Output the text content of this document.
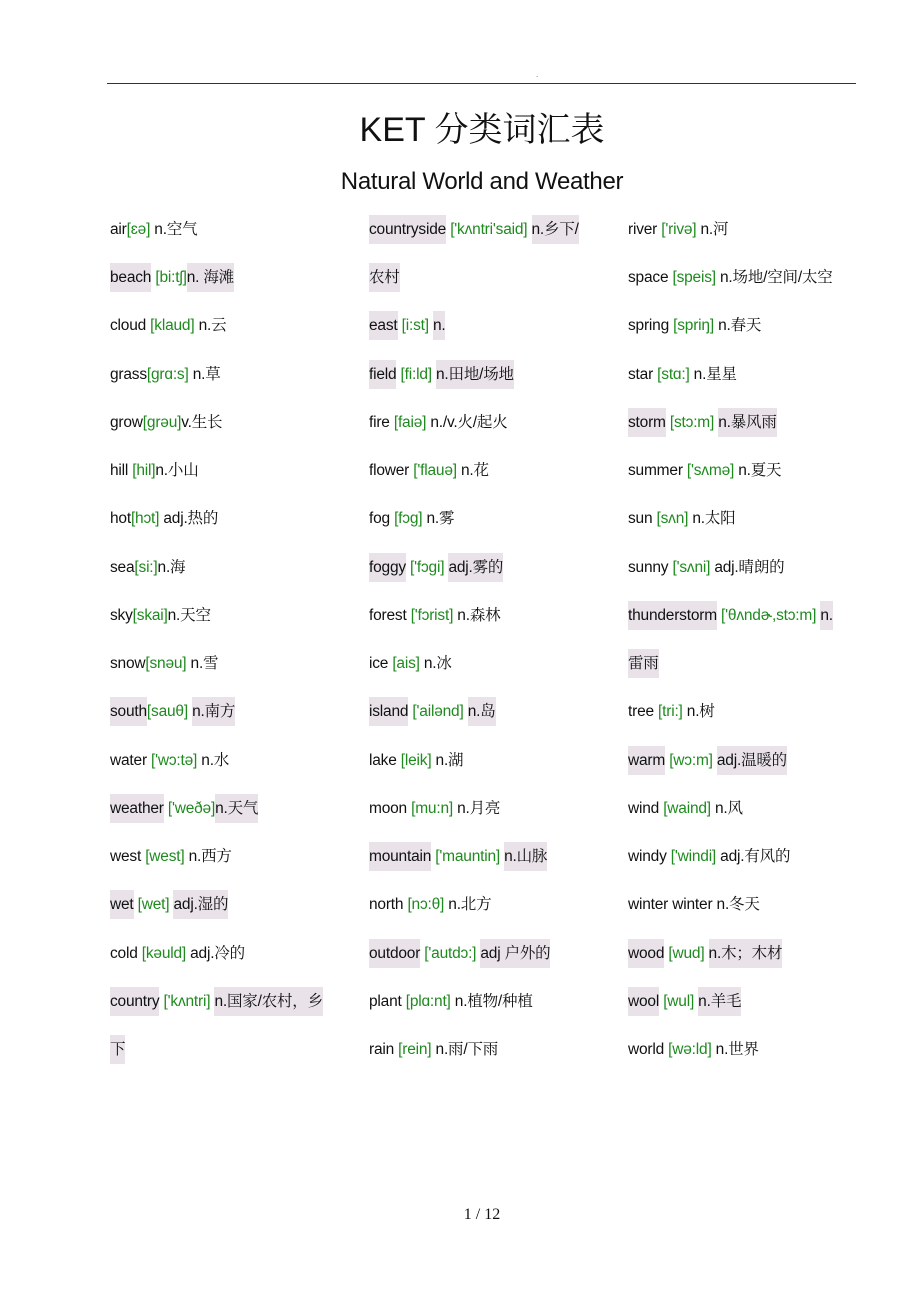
.
KET 分类词汇表
Natural World and Weather
air[ɛə] n.空气
beach [bi:tʃ]n. 海滩
cloud [klaud] n.云
grass[grɑ:s] n.草
grow[grəu]v.生长
hill [hil]n.小山
hot[hɔt] adj.热的
sea[si:]n.海
sky[skai]n.天空
snow[snəu] n.雪
south[sauθ] n.南方
water ['wɔ:tə] n.水
weather ['weðə]n.天气
west [west] n.西方
wet [wet] adj.湿的
cold [kəuld] adj.冷的
country ['kʌntri] n.国家/农村，乡
下
countryside ['kʌntri'said] n.乡下/
农村
east [i:st] n.
field [fi:ld] n.田地/场地
fire [faiə] n./v.火/起火
flower ['flauə] n.花
fog [fɔg] n.雾
foggy ['fɔgi] adj.雾的
forest ['fɔrist] n.森林
ice [ais] n.冰
island ['ailənd] n.岛
lake [leik] n.湖
moon [mu:n] n.月亮
mountain ['mauntin] n.山脉
north [nɔ:θ] n.北方
outdoor ['autdɔ:] adj 户外的
plant [plɑ:nt] n.植物/种植
rain [rein] n.雨/下雨
river ['rivə] n.河
space [speis] n.场地/空间/太空
spring [spriŋ] n.春天
star [stɑ:] n.星星
storm [stɔ:m] n.暴风雨
summer ['sʌmə] n.夏天
sun [sʌn] n.太阳
sunny ['sʌni] adj.晴朗的
thunderstorm ['θʌndɚ,stɔ:m] n.
雷雨
tree [tri:] n.树
warm [wɔ:m] adj.温暖的
wind [waind] n.风
windy ['windi] adj.有风的
winter winter n.冬天
wood [wud] n.木；木材
wool [wul] n.羊毛
world [wə:ld] n.世界
1 / 12
